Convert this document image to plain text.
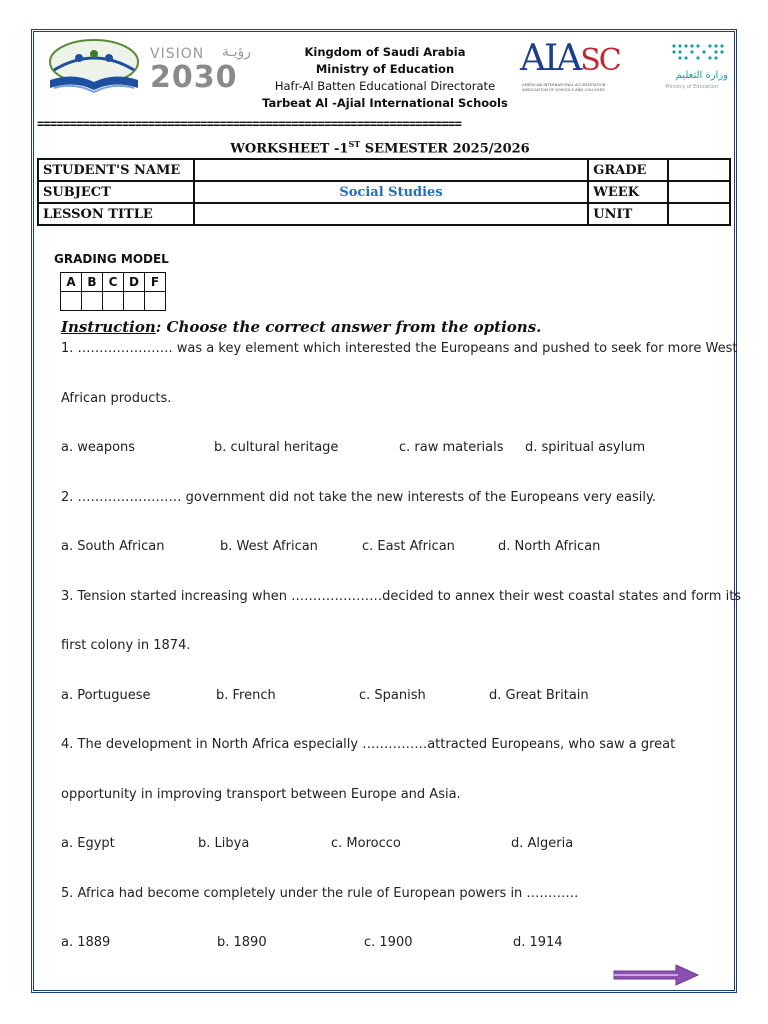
VISION رؤيـة
2030
Kingdom of Saudi Arabia
Ministry of Education
Hafr-Al Batten Educational Directorate
Tarbeat Al -Ajial International Schools
AIASC
AMERICAN INTERNATIONAL ACCREDITATION ASSOCIATION OF SCHOOLS AND COLLEGES
وزارة التعليم
Ministry of Education
=================================================================
WORKSHEET -1ST SEMESTER 2025/2026
STUDENT'S NAME		GRADE	
SUBJECT	Social Studies	WEEK	
LESSON TITLE		UNIT	
GRADING MODEL
A	B	C	D	F

Instruction: Choose the correct answer from the options.
1. …………………. was a key element which interested the Europeans and pushed to seek for more West
African products.
a. weapons	b. cultural heritage	c. raw materials d. spiritual asylum
2. …………………… government did not take the new interests of the Europeans very easily.
a. South African	b. West African	c. East African	d. North African
3. Tension started increasing when …………………decided to annex their west coastal states and form its
first colony in 1874.
a. Portuguese	b. French	c. Spanish	d. Great Britain
4. The development in North Africa especially ……………attracted Europeans, who saw a great
opportunity in improving transport between Europe and Asia.
a. Egypt	b. Libya	c. Morocco	d. Algeria
5. Africa had become completely under the rule of European powers in …………
a. 1889	b. 1890	c. 1900	d. 1914
